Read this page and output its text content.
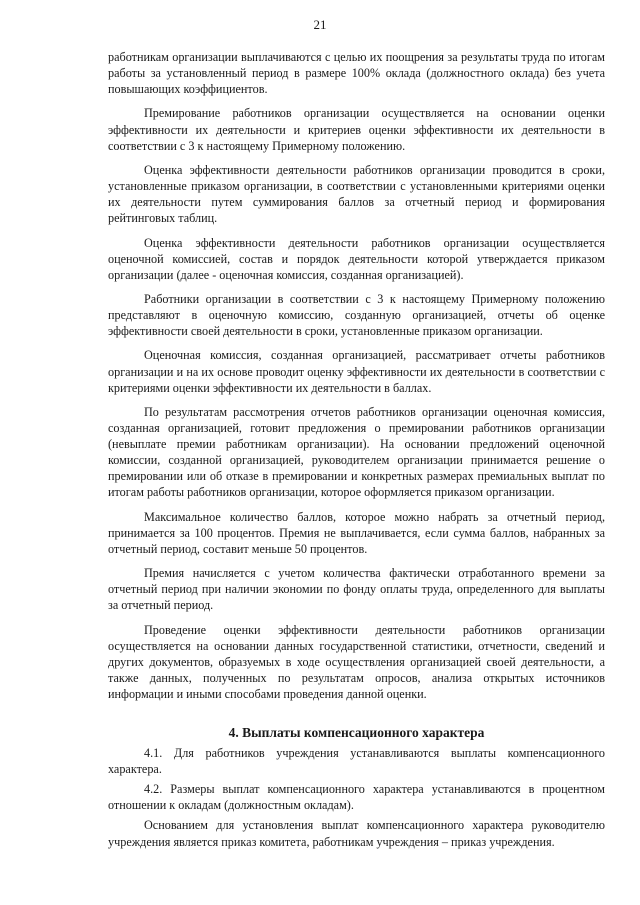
21

работникам организации выплачиваются с целью их поощрения за результаты труда по итогам работы за установленный период в размере 100% оклада (должностного оклада) без учета повышающих коэффициентов.

Премирование работников организации осуществляется на основании оценки эффективности их деятельности и критериев оценки эффективности их деятельности в соответствии с 3 к настоящему Примерному положению.

Оценка эффективности деятельности работников организации проводится в сроки, установленные приказом организации, в соответствии с установленными критериями оценки их деятельности путем суммирования баллов за отчетный период и формирования рейтинговых таблиц.

Оценка эффективности деятельности работников организации осуществляется оценочной комиссией, состав и порядок деятельности которой утверждается приказом организации (далее - оценочная комиссия, созданная организацией).

Работники организации в соответствии с 3 к настоящему Примерному положению представляют в оценочную комиссию, созданную организацией, отчеты об оценке эффективности своей деятельности в сроки, установленные приказом организации.

Оценочная комиссия, созданная организацией, рассматривает отчеты работников организации и на их основе проводит оценку эффективности их деятельности в соответствии с критериями оценки эффективности их деятельности в баллах.

По результатам рассмотрения отчетов работников организации оценочная комиссия, созданная организацией, готовит предложения о премировании работников организации (невыплате премии работникам организации). На основании предложений оценочной комиссии, созданной организацией, руководителем организации принимается решение о премировании или об отказе в премировании и конкретных размерах премиальных выплат по итогам работы работников организации, которое оформляется приказом организации.

Максимальное количество баллов, которое можно набрать за отчетный период, принимается за 100 процентов. Премия не выплачивается, если сумма баллов, набранных за отчетный период, составит меньше 50 процентов.

Премия начисляется с учетом количества фактически отработанного времени за отчетный период при наличии экономии по фонду оплаты труда, определенного для выплаты за отчетный период.

Проведение оценки эффективности деятельности работников организации осуществляется на основании данных государственной статистики, отчетности, сведений и других документов, образуемых в ходе осуществления организацией своей деятельности, а также данных, полученных по результатам опросов, анализа открытых источников информации и иными способами проведения данной оценки.

4. Выплаты компенсационного характера

4.1. Для работников учреждения устанавливаются выплаты компенсационного характера.

4.2. Размеры выплат компенсационного характера устанавливаются в процентном отношении к окладам (должностным окладам).

Основанием для установления выплат компенсационного характера руководителю учреждения является приказ комитета, работникам учреждения – приказ учреждения.
